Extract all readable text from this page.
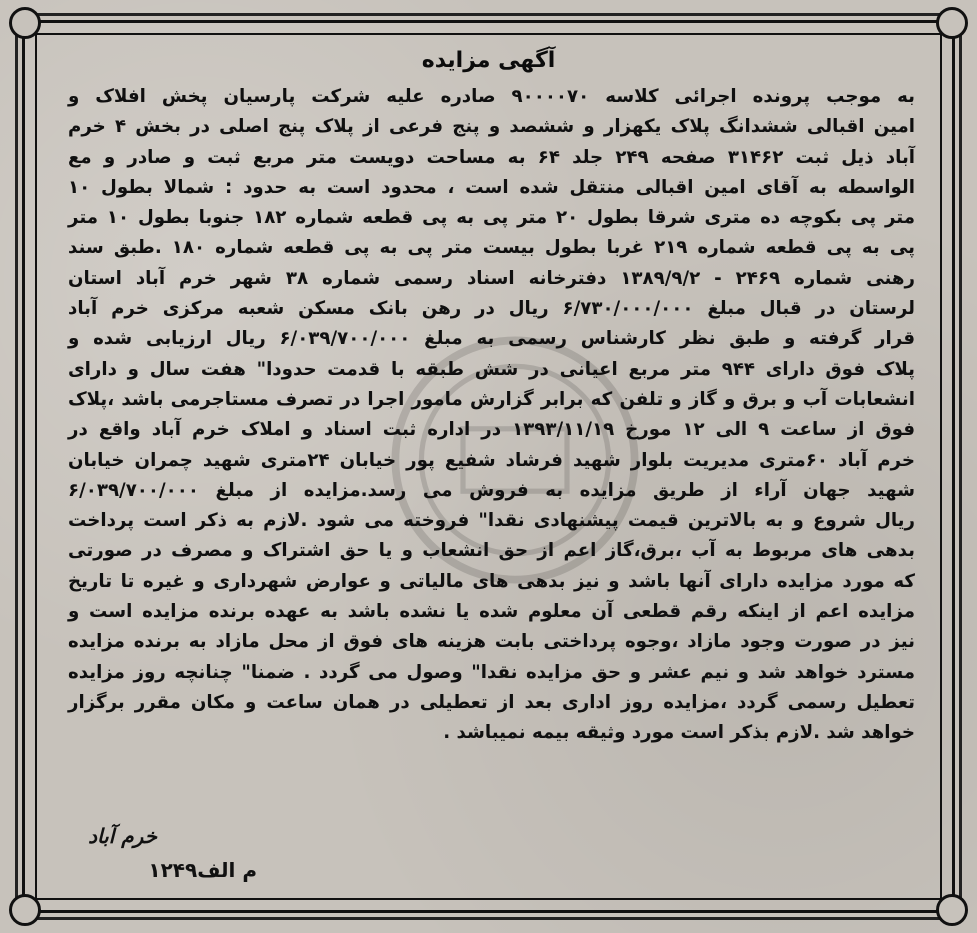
آگهی مزایده

به موجب پرونده اجرائی کلاسه ۹۰۰۰۰۷۰ صادره علیه شرکت پارسیان پخش افلاک و

امین اقبالی ششدانگ پلاک یکهزار و ششصد و پنج فرعی از پلاک پنج اصلی در بخش ۴ خرم

آباد ذیل ثبت ۳۱۴۶۲ صفحه ۲۴۹ جلد ۶۴ به مساحت دویست متر مربع ثبت و صادر و مع

الواسطه به آقای امین اقبالی منتقل شده است ، محدود است به حدود : شمالا بطول ۱۰

متر پی بکوچه ده متری شرقا بطول ۲۰ متر پی به پی قطعه شماره ۱۸۲ جنوبا بطول ۱۰ متر

پی به پی قطعه شماره ۲۱۹ غربا بطول بیست متر پی به پی قطعه شماره ۱۸۰ .طبق سند

رهنی شماره ۲۴۶۹ - ۱۳۸۹/۹/۲ دفترخانه اسناد رسمی شماره ۳۸ شهر خرم آباد استان

لرستان در قبال مبلغ ۶/۷۳۰/۰۰۰/۰۰۰ ریال در رهن بانک مسکن شعبه مرکزی خرم آباد

قرار گرفته و طبق نظر کارشناس رسمی به مبلغ ۶/۰۳۹/۷۰۰/۰۰۰ ریال ارزیابی شده و

پلاک فوق دارای ۹۴۴ متر مربع اعیانی در شش طبقه با قدمت حدودا" هفت سال و دارای

انشعابات آب و برق و گاز و تلفن که برابر گزارش مامور اجرا در تصرف مستاجرمی باشد ،پلاک

فوق از ساعت ۹ الی ۱۲ مورخ ۱۳۹۳/۱۱/۱۹ در اداره ثبت اسناد و املاک خرم آباد واقع در

خرم آباد ۶۰متری مدیریت بلوار شهید فرشاد شفیع پور خیابان ۲۴متری شهید چمران خیابان

شهید جهان آراء از طریق مزایده به فروش می رسد.مزایده از مبلغ ۶/۰۳۹/۷۰۰/۰۰۰

ریال شروع و به بالاترین قیمت پیشنهادی نقدا" فروخته می شود .لازم به ذکر است پرداخت

بدهی های مربوط به آب ،برق،گاز اعم از حق انشعاب و یا حق اشتراک و مصرف در صورتی

که مورد مزایده دارای آنها باشد و نیز بدهی های مالیاتی و عوارض شهرداری و غیره تا تاریخ

مزایده اعم از اینکه رقم قطعی آن معلوم شده یا نشده باشد به عهده برنده مزایده است و

نیز در صورت وجود مازاد ،وجوه پرداختی بابت هزینه های فوق از محل مازاد به برنده مزایده

مسترد خواهد شد و نیم عشر و حق مزایده نقدا" وصول می گردد . ضمنا" چنانچه روز مزایده

تعطیل رسمی گردد ،مزایده روز اداری بعد از تعطیلی در همان ساعت و مکان مقرر برگزار

خواهد شد .لازم بذکر است مورد وثیقه بیمه نمیباشد .

خرم آباد
م الف۱۲۴۹
